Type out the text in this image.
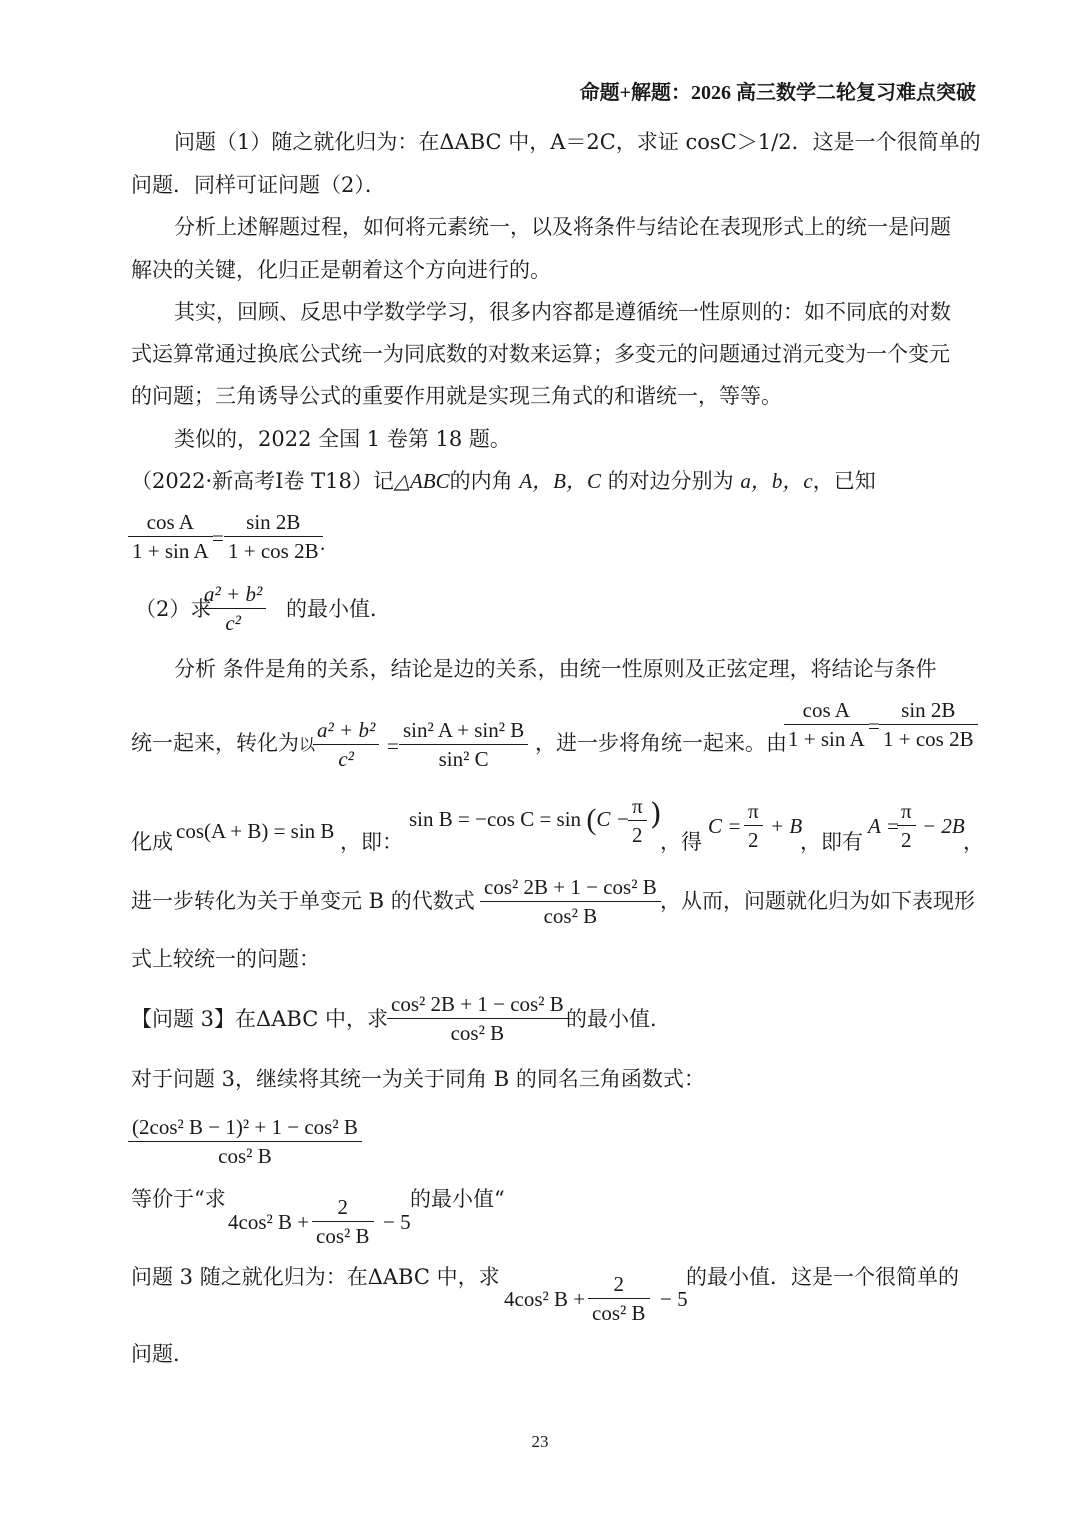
命题+解题：2026 高三数学二轮复习难点突破
问题（1）随之就化归为：在ΔABC 中，A＝2C，求证 cosC＞1/2．这是一个很简单的
问题．同样可证问题（2）．
分析上述解题过程，如何将元素统一，以及将条件与结论在表现形式上的统一是问题
解决的关键，化归正是朝着这个方向进行的。
其实，回顾、反思中学数学学习，很多内容都是遵循统一性原则的：如不同底的对数
式运算常通过换底公式统一为同底数的对数来运算；多变元的问题通过消元变为一个变元
的问题；三角诱导公式的重要作用就是实现三角式的和谐统一，等等。
类似的，2022 全国 1 卷第 18 题。
（2022·新高考I卷 T18）记△ABC的内角 A，B，C 的对边分别为 a，b，c，已知
$\frac{\text{cos A}}{\text{1 + sin A}} = \frac{\sin 2B}{1 + \cos 2B}$
.
（2）求
$\frac{\text{a² + b²}}{\text{c²}}$ 的最小值．
分析 条件是角的关系，结论是边的关系，由统一性原则及正弦定理，将结论与条件
统一起来，转化为以
$\frac{\text{a² + b²}}{\text{c²}} = \frac{\text{sin² A + sin² B}}{\text{sin² C}}$ ，进一步将角统一起来。由
$\frac{\text{cos A}}{\text{1 + sin A}} = \frac{\sin 2B}{1 + \cos 2B}$
化成 cos(A + B) = sin B ，即：
sin B = −cos C = sin (C −
$\frac{\pi}{2}$ )
，得
$C = \frac{\pi}{2} + B$
，即有
A =
$\frac{\pi}{2} - 2B$
，
进一步转化为关于单变元 B 的代数式 $\frac{\text{cos² 2B + 1 − cos² B}}{\text{cos² B}}$ ，从而，问题就化归为如下表现形
式上较统一的问题：
【问题 3】在ΔABC 中，求 $\frac{\text{cos² 2B + 1 − cos² B}}{\text{cos² B}}$
的最小值.
对于问题 3，继续将其统一为关于同角 B 的同名三角函数式：
$\frac{\text{(2cos² B − 1)² + 1 − cos² B}}{\text{cos² B}}$
等价于“求
4cos² $B + \frac{2}{\text{cos² B}} - 5$
的最小值“
问题 3 随之就化归为：在ΔABC 中，求
4cos² $B + \frac{2}{\text{cos² B}} - 5$
的最小值．这是一个很简单的
问题．
23
